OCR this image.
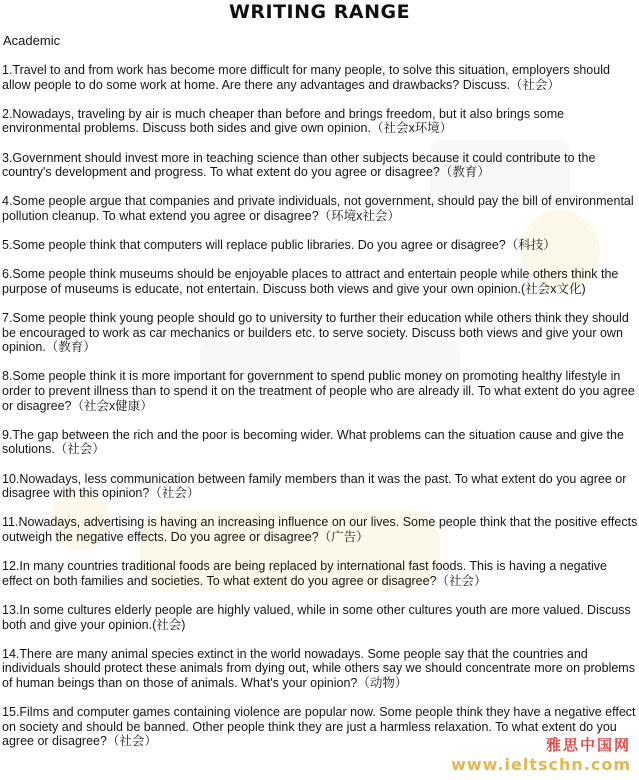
WRITING RANGE
Academic

1.Travel to and from work has become more difficult for many people, to solve this situation, employers should allow people to do some work at home. Are there any advantages and drawbacks? Discuss.（社会）

2.Nowadays, traveling by air is much cheaper than before and brings freedom, but it also brings some environmental problems. Discuss both sides and give own opinion.（社会x环境）

3.Government should invest more in teaching science than other subjects because it could contribute to the country's development and progress. To what extent do you agree or disagree?（教育）

4.Some people argue that companies and private individuals, not government, should pay the bill of environmental pollution cleanup. To what extend you agree or disagree?（环境x社会）

5.Some people think that computers will replace public libraries. Do you agree or disagree?（科技）

6.Some people think museums should be enjoyable places to attract and entertain people while others think the purpose of museums is educate, not entertain. Discuss both views and give your own opinion.(社会x文化)

7.Some people think young people should go to university to further their education while others think they should be encouraged to work as car mechanics or builders etc. to serve society. Discuss both views and give your own opinion.（教育）

8.Some people think it is more important for government to spend public money on promoting healthy lifestyle in order to prevent illness than to spend it on the treatment of people who are already ill. To what extent do you agree or disagree?（社会x健康）

9.The gap between the rich and the poor is becoming wider. What problems can the situation cause and give the solutions.（社会）

10.Nowadays, less communication between family members than it was the past. To what extent do you agree or disagree with this opinion?（社会）

11.Nowadays, advertising is having an increasing influence on our lives. Some people think that the positive effects outweigh the negative effects. Do you agree or disagree?（广告）

12.In many countries traditional foods are being replaced by international fast foods. This is having a negative effect on both families and societies. To what extent do you agree or disagree?（社会）

13.In some cultures elderly people are highly valued, while in some other cultures youth are more valued. Discuss both and give your opinion.(社会)

14.There are many animal species extinct in the world nowadays. Some people say that the countries and individuals should protect these animals from dying out, while others say we should concentrate more on problems of human beings than on those of animals. What's your opinion?（动物）

15.Films and computer games containing violence are popular now. Some people think they have a negative effect on society and should be banned. Other people think they are just a harmless relaxation. To what extent do you agree or disagree?（社会）	雅思中国网
www.ieltschn.com
